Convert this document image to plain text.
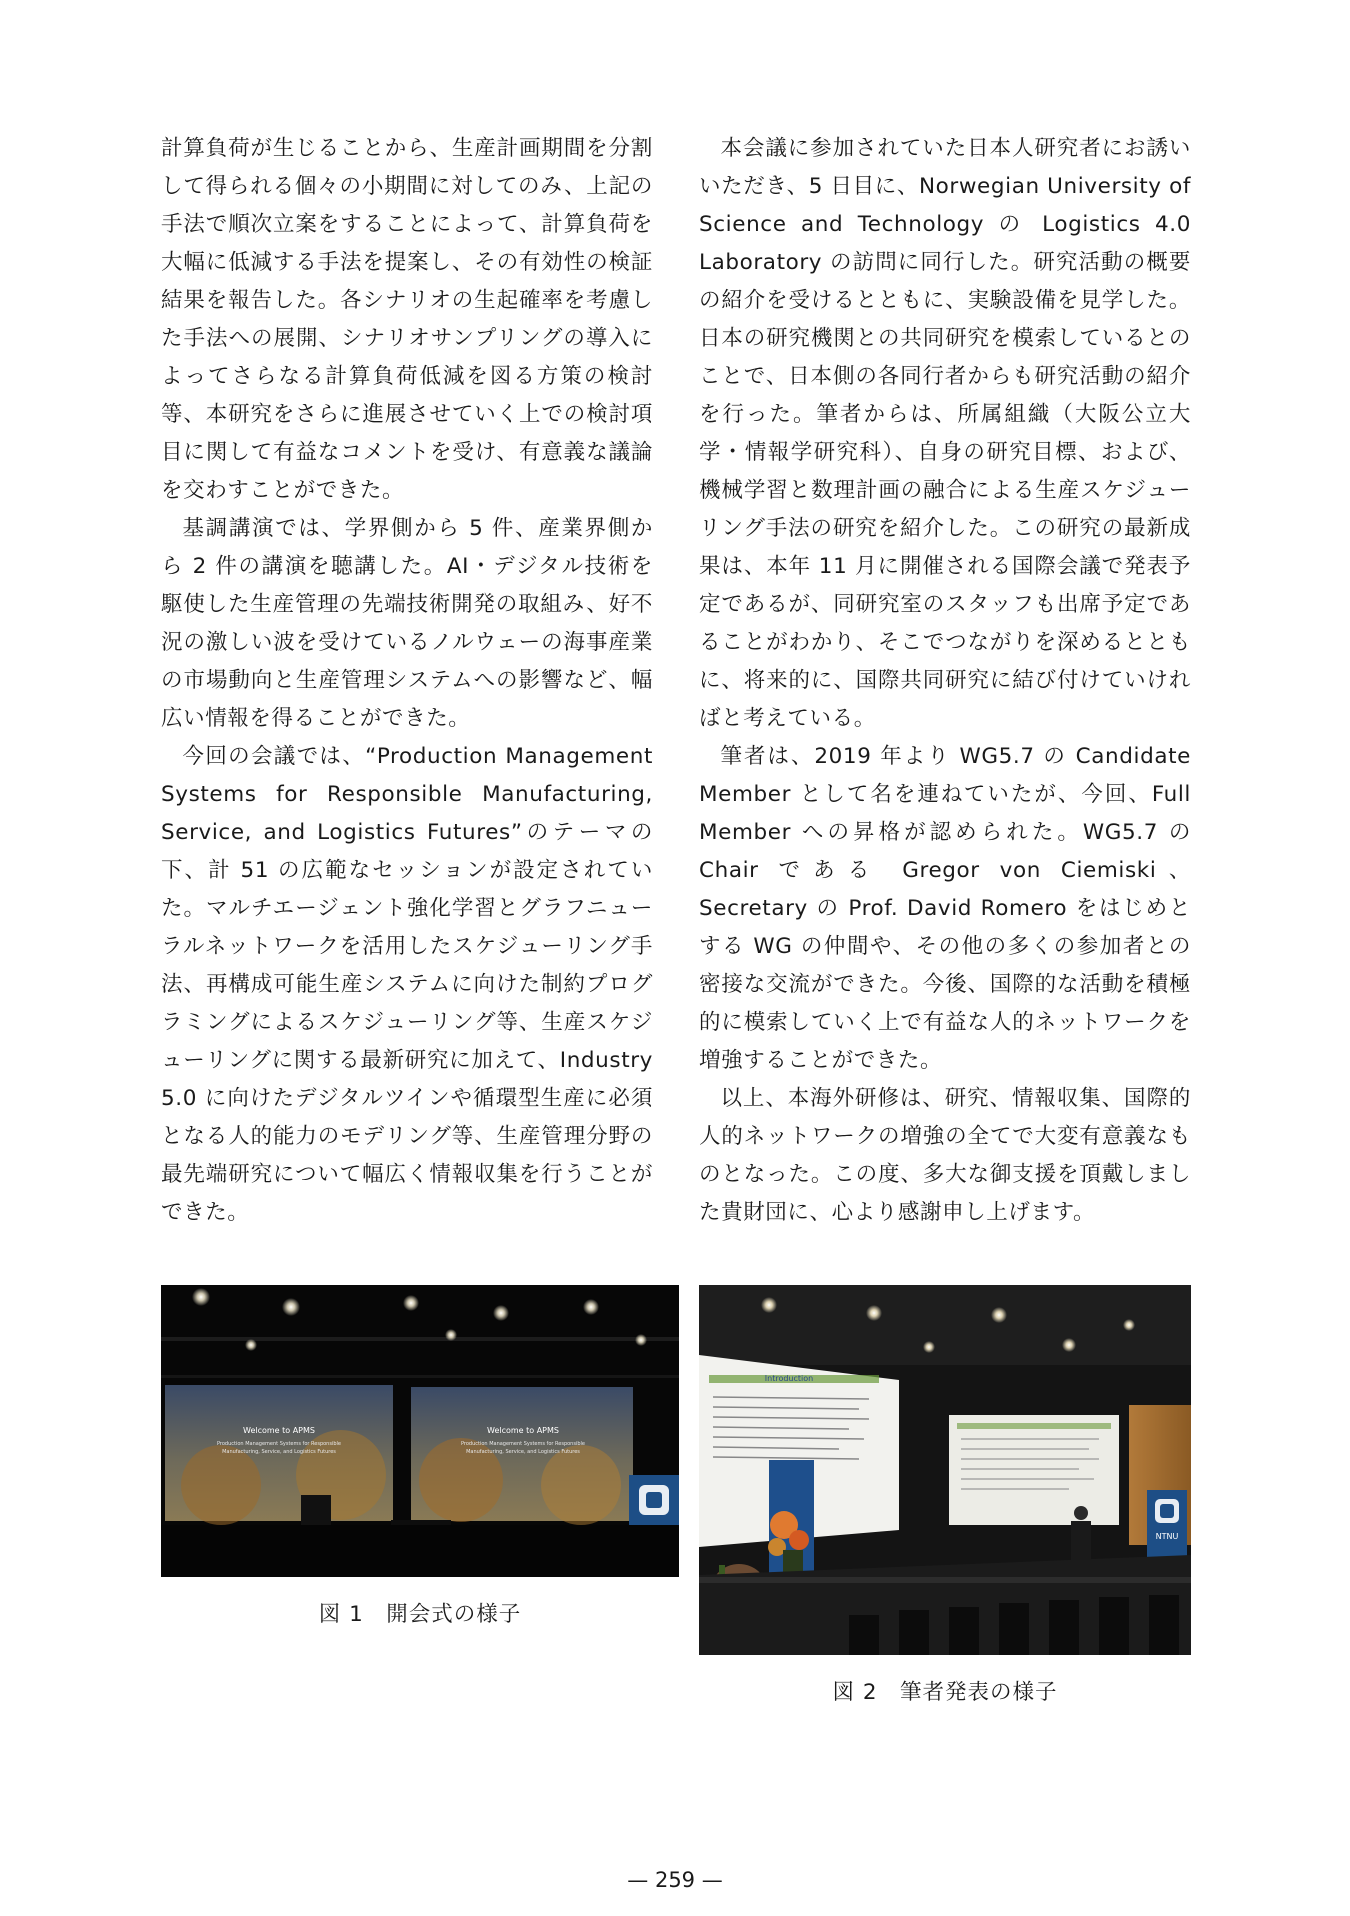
計算負荷が生じることから、生産計画期間を分割して得られる個々の小期間に対してのみ、上記の手法で順次立案をすることによって、計算負荷を大幅に低減する手法を提案し、その有効性の検証結果を報告した。各シナリオの生起確率を考慮した手法への展開、シナリオサンプリングの導入によってさらなる計算負荷低減を図る方策の検討等、本研究をさらに進展させていく上での検討項目に関して有益なコメントを受け、有意義な議論を交わすことができた。

基調講演では、学界側から 5 件、産業界側から 2 件の講演を聴講した。AI・デジタル技術を駆使した生産管理の先端技術開発の取組み、好不況の激しい波を受けているノルウェーの海事産業の市場動向と生産管理システムへの影響など、幅広い情報を得ることができた。

今回の会議では、“Production Management Systems for Responsible Manufacturing, Service, and Logistics Futures”のテーマの下、計 51 の広範なセッションが設定されていた。マルチエージェント強化学習とグラフニューラルネットワークを活用したスケジューリング手法、再構成可能生産システムに向けた制約プログラミングによるスケジューリング等、生産スケジューリングに関する最新研究に加えて、Industry 5.0 に向けたデジタルツインや循環型生産に必須となる人的能力のモデリング等、生産管理分野の最先端研究について幅広く情報収集を行うことができた。

本会議に参加されていた日本人研究者にお誘いいただき、5 日目に、Norwegian University of Science and Technology の Logistics 4.0 Laboratory の訪問に同行した。研究活動の概要の紹介を受けるとともに、実験設備を見学した。日本の研究機関との共同研究を模索しているとのことで、日本側の各同行者からも研究活動の紹介を行った。筆者からは、所属組織（大阪公立大学・情報学研究科）、自身の研究目標、および、機械学習と数理計画の融合による生産スケジューリング手法の研究を紹介した。この研究の最新成果は、本年 11 月に開催される国際会議で発表予定であるが、同研究室のスタッフも出席予定であることがわかり、そこでつながりを深めるとともに、将来的に、国際共同研究に結び付けていければと考えている。

筆者は、2019 年より WG5.7 の Candidate Member として名を連ねていたが、今回、Full Member への昇格が認められた。WG5.7 の Chair である Gregor von Ciemiski、Secretary の Prof. David Romero をはじめとする WG の仲間や、その他の多くの参加者との密接な交流ができた。今後、国際的な活動を積極的に模索していく上で有益な人的ネットワークを増強することができた。

以上、本海外研修は、研究、情報収集、国際的人的ネットワークの増強の全てで大変有意義なものとなった。この度、多大な御支援を頂戴しました貴財団に、心より感謝申し上げます。

Welcome to APMS
Production Management Systems for Responsible
Manufacturing, Service, and Logistics Futures
Welcome to APMS
Production Management Systems for Responsible
Manufacturing, Service, and Logistics Futures
図 1　開会式の様子
Introduction
NTNU
図 2　筆者発表の様子
— 259 —
